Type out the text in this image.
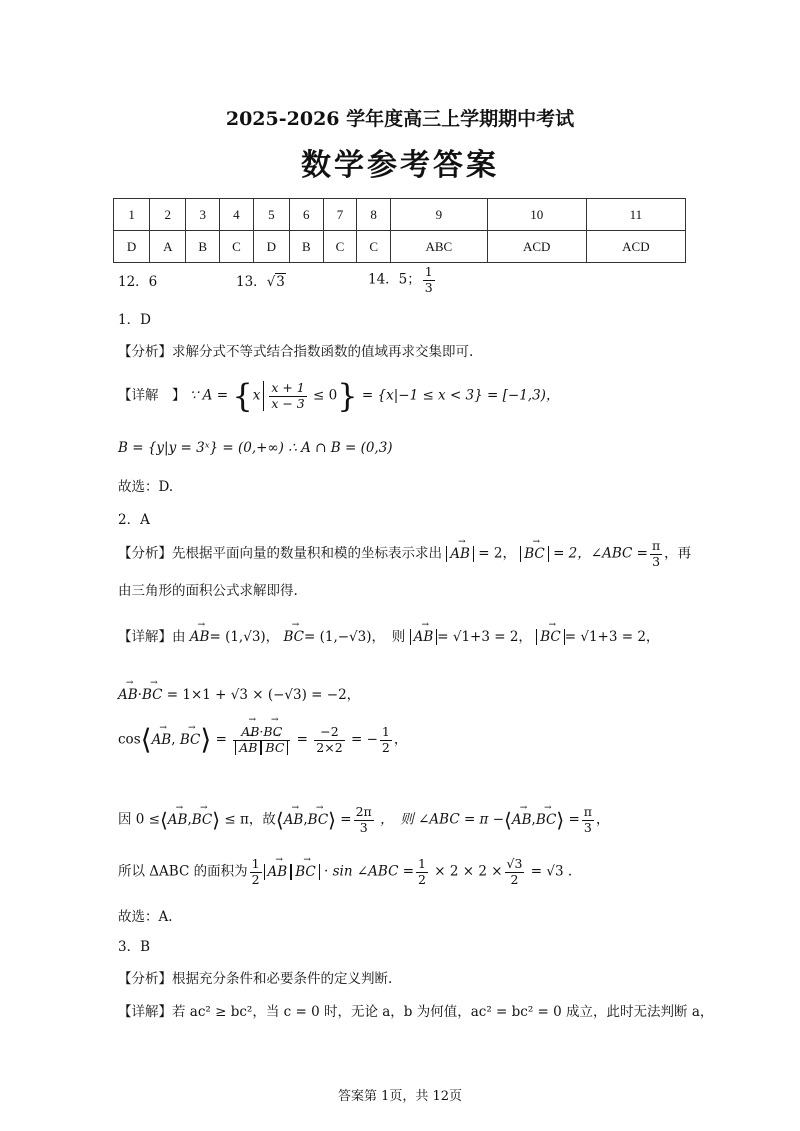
2025-2026 学年度高三上学期期中考试
数学参考答案
1	2	3	4	5	6	7	8	9	10	11
D	A	B	C	D	B	C	C	ABC	ACD	ACD
12．6	13．√3	14．5； $\frac{1}{3}$
1．D
【分析】求解分式不等式结合指数函数的值域再求交集即可.
【详解　】 ∵ $A = \{x \frac{x + 1}{x - 3} \le 0\} = \{x|-1 \le x < 3\} = [-1,3)$，
B = {y|y = 3ˣ} = (0,+∞) ∴ A ∩ B = (0,3)
故选：D.
2．A
【分析】先根据平面向量的数量积和模的坐标表示求出 → AB = 2， → BC = 2，∠ABC = $\frac{\pi}{3}$ ，再
由三角形的面积公式求解即得.
【详解】由 → AB= (1,√3)， → BC= (1,−√3)，　则 → AB = √1+3 = 2， → BC = √1+3 = 2，
→ AB·→ BC = 1×1 + √3 × (−√3) = −2，
cos⟨→ AB, → BC⟩ = → AB·→ BC
→ AB → BC = $\frac{-2}{2\times 2}$ = − $\frac{1}{2}$ ，
因 0 ≤⟨→ AB,→ BC⟩ ≤ π，故⟨→ AB,→ BC⟩ = $\frac{2\pi}{3}$ ，　则 ∠ABC = π −⟨→ AB,→ BC⟩ = $\frac{\pi}{3}$ ，
所以 ΔABC 的面积为 $\frac{1}{2}$ → AB → BC · sin ∠ABC = $\frac{1}{2} \times 2 \times 2 \times \frac{√3}{2} = √3$ .
故选：A.
3．B
【分析】根据充分条件和必要条件的定义判断.
【详解】若 ac² ≥ bc²，当 c = 0 时，无论 a，b 为何值，ac² = bc² = 0 成立，此时无法判断 a，
答案第 1页，共 12页
